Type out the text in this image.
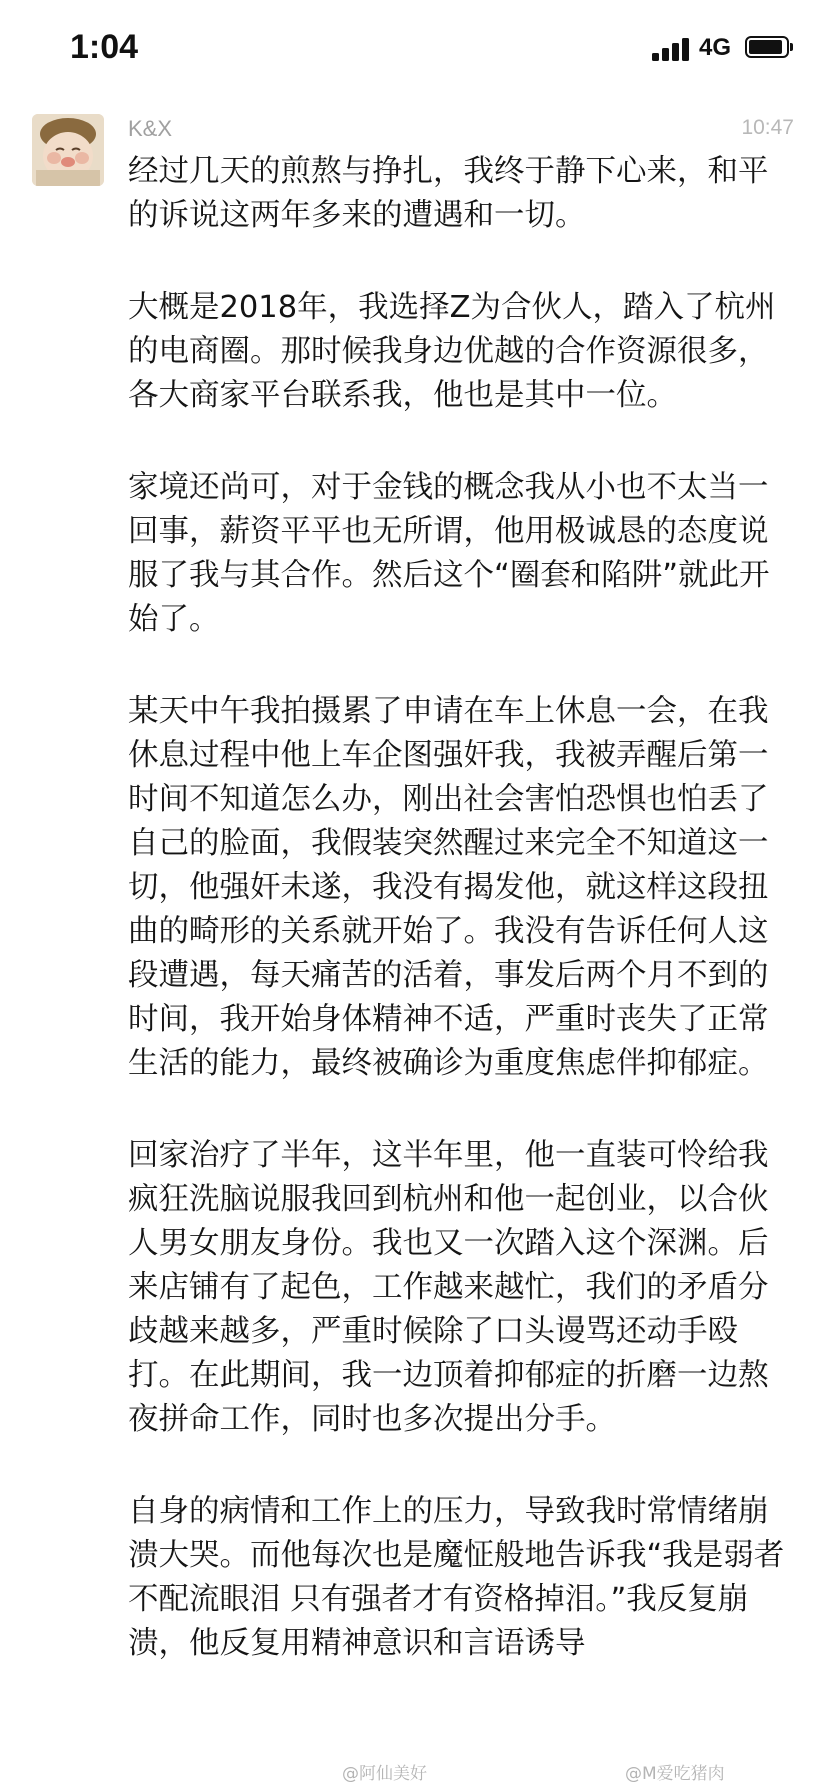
1:04	4G
K&X	10:47

经过几天的煎熬与挣扎，我终于静下心来，和平的诉说这两年多来的遭遇和一切。

大概是2018年，我选择Z为合伙人，踏入了杭州的电商圈。那时候我身边优越的合作资源很多，各大商家平台联系我，他也是其中一位。

家境还尚可，对于金钱的概念我从小也不太当一回事，薪资平平也无所谓，他用极诚恳的态度说服了我与其合作。然后这个“圈套和陷阱”就此开始了。

某天中午我拍摄累了申请在车上休息一会，在我休息过程中他上车企图强奸我，我被弄醒后第一时间不知道怎么办，刚出社会害怕恐惧也怕丢了自己的脸面，我假装突然醒过来完全不知道这一切，他强奸未遂，我没有揭发他，就这样这段扭曲的畸形的关系就开始了。我没有告诉任何人这段遭遇，每天痛苦的活着，事发后两个月不到的时间，我开始身体精神不适，严重时丧失了正常生活的能力，最终被确诊为重度焦虑伴抑郁症。

回家治疗了半年，这半年里，他一直装可怜给我疯狂洗脑说服我回到杭州和他一起创业，以合伙人男女朋友身份。我也又一次踏入这个深渊。后来店铺有了起色，工作越来越忙，我们的矛盾分歧越来越多，严重时候除了口头谩骂还动手殴打。在此期间，我一边顶着抑郁症的折磨一边熬夜拼命工作，同时也多次提出分手。

自身的病情和工作上的压力，导致我时常情绪崩溃大哭。而他每次也是魔怔般地告诉我“我是弱者 不配流眼泪 只有强者才有资格掉泪。”我反复崩溃，他反复用精神意识和言语诱导

@阿仙美好	@M爱吃猪肉
